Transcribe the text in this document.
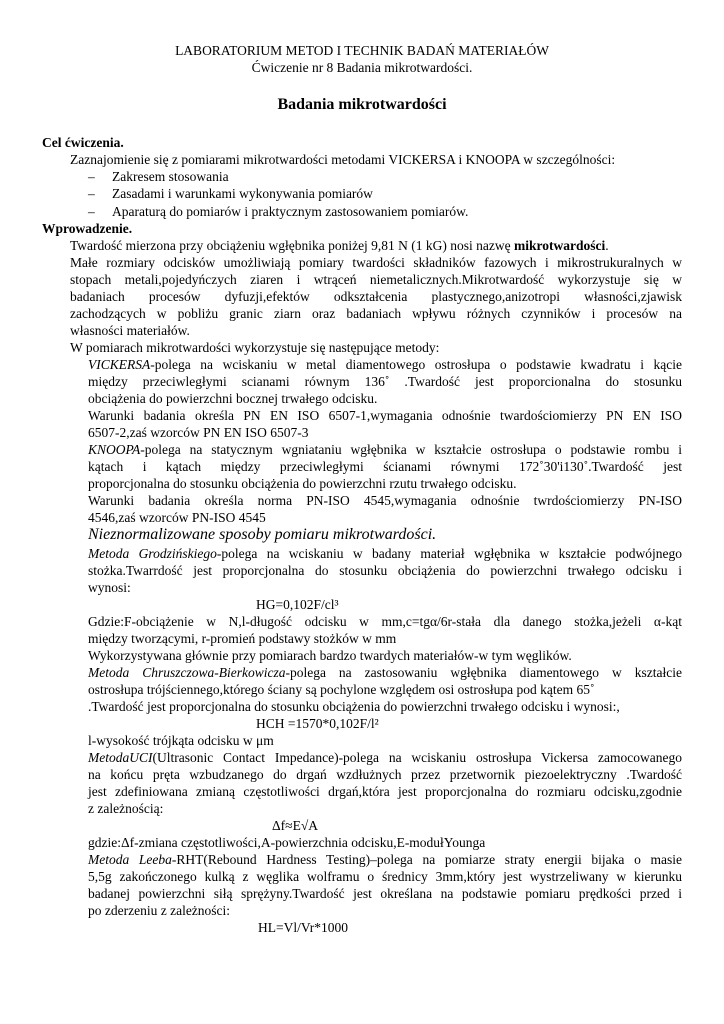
LABORATORIUM METOD I TECHNIK BADAŃ MATERIAŁÓW
Ćwiczenie nr 8 Badania mikrotwardości.
Badania mikrotwardości
Cel ćwiczenia.
Zaznajomienie się z pomiarami mikrotwardości metodami VICKERSA i KNOOPA w szczególności:
– Zakresem stosowania
– Zasadami i warunkami wykonywania pomiarów
– Aparaturą do pomiarów i praktycznym zastosowaniem pomiarów.
Wprowadzenie.
Twardość mierzona przy obciążeniu wgłębnika poniżej 9,81 N (1 kG) nosi nazwę mikrotwardości.
Małe rozmiary odcisków umożliwiają pomiary twardości składników fazowych i mikrostrukuralnych w
stopach metali,pojedyńczych ziaren i wtrąceń niemetalicznych.Mikrotwardość wykorzystuje się w
badaniach procesów dyfuzji,efektów odkształcenia plastycznego,anizotropi własności,zjawisk
zachodzących w pobliżu granic ziarn oraz badaniach wpływu różnych czynników i procesów na
własności materiałów.
W pomiarach mikrotwardości wykorzystuje się następujące metody:
VICKERSA-polega na wciskaniu w metal diamentowego ostrosłupa o podstawie kwadratu i kącie
między przeciwległymi scianami równym 136˚ .Twardość jest proporcionalna do stosunku
obciążenia do powierzchni bocznej trwałego odcisku.
Warunki badania określa PN EN ISO 6507-1,wymagania odnośnie twardościomierzy PN EN ISO
6507-2,zaś wzorców PN EN ISO 6507-3
KNOOPA-polega na statycznym wgniataniu wgłębnika w kształcie ostrosłupa o podstawie rombu i
kątach i kątach między przeciwległymi ścianami równymi 172˚30'i130˚.Twardość jest
proporcjonalna do stosunku obciążenia do powierzchni rzutu trwałego odcisku.
Warunki badania określa norma PN-ISO 4545,wymagania odnośnie twrdościomierzy PN-ISO
4546,zaś wzorców PN-ISO 4545
Nieznormalizowane sposoby pomiaru mikrotwardości.
Metoda Grodzińskiego-polega na wciskaniu w badany materiał wgłębnika w kształcie podwójnego
stożka.Twarrdość jest proporcjonalna do stosunku obciążenia do powierzchni trwałego odcisku i
wynosi:
HG=0,102F/cl³
Gdzie:F-obciążenie w N,l-długość odcisku w mm,c=tgα/6r-stała dla danego stożka,jeżeli α-kąt
między tworzącymi, r-promień podstawy stożków w mm
Wykorzystywana głównie przy pomiarach bardzo twardych materiałów-w tym węglików.
Metoda Chruszczowa-Bierkowicza-polega na zastosowaniu wgłębnika diamentowego w kształcie
ostrosłupa trójściennego,którego ściany są pochylone względem osi ostrosłupa pod kątem 65˚
.Twardość jest proporcjonalna do stosunku obciążenia do powierzchni trwałego odcisku i wynosi:,
HCH =1570*0,102F/l²
l-wysokość trójkąta odcisku w μm
MetodaUCI(Ultrasonic Contact Impedance)-polega na wciskaniu ostrosłupa Vickersa zamocowanego
na końcu pręta wzbudzanego do drgań wzdłużnych przez przetwornik piezoelektryczny .Twardość
jest zdefiniowana zmianą częstotliwości drgań,która jest proporcjonalna do rozmiaru odcisku,zgodnie
z zależnością:
Δf≈E√A
gdzie:Δf-zmiana częstotliwości,A-powierzchnia odcisku,E-modułYounga
Metoda Leeba-RHT(Rebound Hardness Testing)–polega na pomiarze straty energii bijaka o masie
5,5g zakończonego kulką z węglika wolframu o średnicy 3mm,który jest wystrzeliwany w kierunku
badanej powierzchni siłą sprężyny.Twardość jest określana na podstawie pomiaru prędkości przed i
po zderzeniu z zależności:
HL=Vl/Vr*1000
